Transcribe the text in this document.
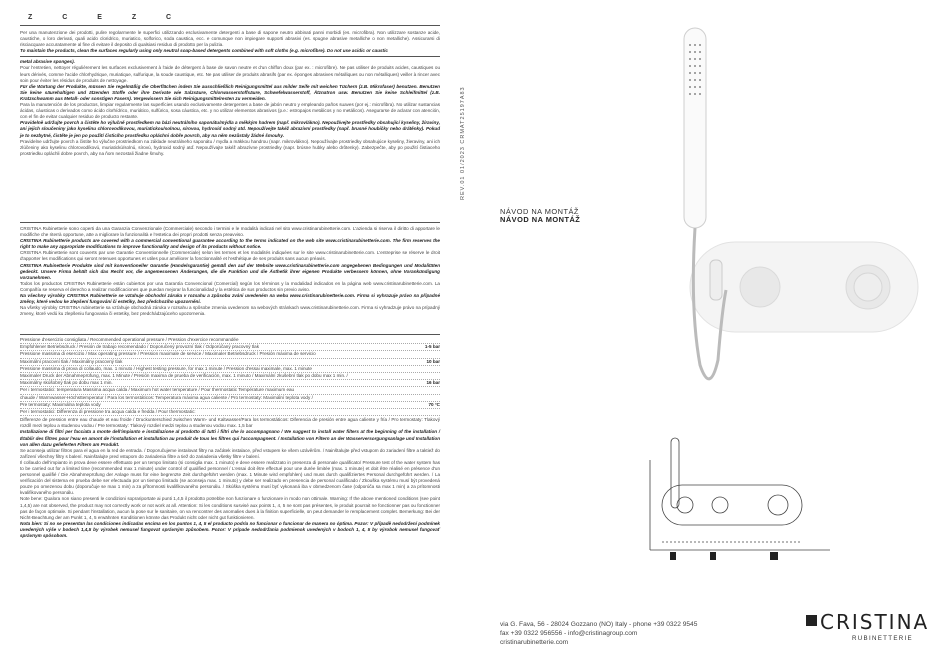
Z C E Z C

Per una manutenzione dei prodotti, pulire regolarmente le superfici utilizzando esclusivamente detergenti a base di sapone neutro abbinati panni morbidi (es. microfibra). Non utilizzare sostanze acide, caustiche, o loro derivati, quali acido cloridrico, muriatico, solforico, soda caustica, ecc. e comunque non impiegare supporti abrasivi (es. spugne abrasive metalliche o non metalliche). Assicurarsi di risciacquare accuratamente al fine di evitare il deposito di qualsiasi residuo di prodotto per la pulizia.

To maintain the products, clean the surfaces regularly using only neutral soap-based detergents combined with soft cloths (e.g. microfibre). Do not use acidic or caustic

metal abrasive sponges).

Pour l'entretien, nettoyer régulièrement les surfaces exclusivement à l'aide de détergent à base de savon neutre et d'un chiffon doux (par ex. : microfibre). Ne pas utiliser de produits acides, caustiques ou leurs dérivés, comme l'acide chlorhydrique, muriatique, sulfurique, la soude caustique, etc. Ne pas utiliser de produits abrasifs (par ex. éponges abrasives métalliques ou non métalliques) veiller à rincer avec soin pour éviter les résidus de produits de nettoyage.

Für die Wartung der Produkte, müssen Sie regelmäßig die Oberflächen indem Sie ausschließlich Reinigungsmittel aus milder Seife mit weichen Tüchern (z.B. Mikrofaser) benutzen. Benutzen Sie keine säurehaltigen und ätzenden Stoffe oder ihre Derivate wie Salzsäure, Chlorwasserstoffsäure, Schwefelwasserstoff, Ätznatron usw. Benutzen Sie keine Schleifmittel (z.B. Kratzschwamm aus Metall- oder sonstigen Fasern). Vergewissern Sie sich Reinigungsmittelresten zu vermeiden.

Para la manutención de los productos, limpiar regularmente las superficies usando exclusivamente detergentes a base de jabón neutro y empleando paños suaves (por ej.: microfibra). No utilizar sustancias ácidas, cáusticas o derivados como ácido clorhídrico, muriático, sulfúrico, sosa cáustica, etc. y no utilizar elementos abrasivos (p.e.: estropajos metálicos y no metálicos). Asegurarse de aclarar con atención, con el fin de evitar cualquier residuo de producto restante.

Pravidelně udržujte povrch a čistěte ho výlučně prostředkem na bázi neutrálního saponátu/mýdla a měkkým hadrem (např. mikrovlákno). Nepoužívejte prostředky obsahující kyseliny, žíraviny, ani jejich sloučeniny jako kyselinu chlorovodíkovou, muriatickou/solnou, sírovou, hydroxid sodný atd. Nepoužívejte takéž abrazivní prostředky (např. brusné houbičky nebo drátěnky). Pokud je to nezbytné, čistěte je jen po použití čisticího prostředku opláchni dobře povrch, aby na něm nezůstaly žádné šmouhy.

Pravidelne udržujte povrch a čistite ho výlučne prostriedkom na základe neutrálneho saponátu / mydla a mäkkou handrou (napr. mikrovlákno). Nepoužívajte prostriedky obsahujúce kyseliny, žieraviny, ani ich zlúčeniny ako kyselinu chlorovodíkovú, muriatickú/solnú, sírovú, hydroxid sodný atď. Nepoužívajte takéž abrazívne prostriedky (napr. brúsne hubky alebo drôtenky). Zabezpečte, aby po použití čistiaceho prostriedku opláchli dobre povrch, aby na ňom nezostali žiadne šmuhy.

CRISTINA Rubinetterie sono coperti da una Garanzia Convenzionale (Commerciale) secondo i termini e le modalità indicati nel sito www.cristinarubinetterie.com. L'azienda si riserva il diritto di apportare le modifiche che riterrà opportune, atte a migliorare la funzionalità e l'estetica dei propri prodotti senza preavviso.

CRISTINA Rubinetterie products are covered with a commercial conventional guarantee according to the terms indicated on the web site www.cristinarubinetterie.com. The firm reserves the right to make any appropriate modifications to improve functionality and design of its products without notice.

CRISTINA Rubinetterie sont couverts par une Garantie Conventionnelle (Commerciale) selon les termes et les modalités indiquées sur le site www.cristinarubinetterie.com. L'entreprise se réserve le droit d'apporter les modifications qui seront retenues opportunes et utiles pour améliorer la fonctionnalité et l'esthétique de ses produits sans aucun préavis.

CRISTINA Rubinetterie Produkte sind mit konventioneller Garantie (Handelsgarantie) gemäß den auf der Website www.cristinarubinetterie.com angegebenen Bedingungen und Modalitäten gedeckt. Unsere Firma behält sich das Recht vor, die angemessenen Änderungen, die die Funktion und die Ästhetik ihrer eigenen Produkte verbessern können, ohne Vorankündigung vorzunehmen.

Todos los productos CRISTINA Rubinetterie están cubiertos por una Garantía Convencional (Comercial) según los términos y la modalidad indicados en la página web www.cristinarubinetterie.com. La Compañía se reserva el derecho a realizar modificaciones que puedan mejorar la funcionalidad y la estética de sus productos sin previo aviso.

Na všechny výrobky CRISTINA Rubinetterie se vztahuje obchodní záruka v rozsahu a způsobu zváni uvedeném na webu www.cristinarubinetterie.com. Firma si vyhrazuje právo na případné změny, které vedou ke zlepšení fungování či estetiky, bez předchozího upozornění.

Na všetky výrobky CRISTINA rubinetterie sa vzťahuje obchodná záruka v rozsahu a spôsobe zmenia uvedenom na webových stránkach www.cristinarubinetterie.com. Firma si vyhradzuje právo na prípadný zmeny, ktoré vedú ku zlepšeniu fungovania či estetiky, bez predchádzajúceho upozornenia.

Pressione d'esercizio consigliata / Recommended operational pressure / Pression d'exercice recommandée
Empfohlener Betriebsdruck / Presión de trabajo recomendado / Doporučený provozní tlak / Odporúčaný pracovný tlak	1-5 bar
Pressione massima di esercizio / Max operating pressure / Pression maximale de service / Maximaler Betriebsdruck / Presión máxima de servicio
Maximální pracovní tlak / Maximálny pracovný tlak	10 bar
Pressione massima di prova di collaudo, max. 1 minuto / Highest testing pressure, for max 1 minute / Pression d'essai maximale, max. 1 minute
Maximaler Druck der Abnahmeprüfung, max. 1 Minute / Presión maxima de prueba de verificación, max. 1 minuto / Maximální zkušební tlak po dobu max 1 min. /
Maximálny skúšobný tlak po dobu max 1 min.	16 bar
Per i termostatici: temperatura Massima acqua calda / Maximum hot water temperature / Pour thermostatic Température maximum eau
chaude / Warmwasser-Höchsttemperatur / Para los termostáticos: Temperatura máxima agua caliente / Pro termostaty: Maximální teplota vody /
Pre termostaty: Maximálna teplota vody	70 °C
Per i termostatici: Differenza di pressione tra acqua calda e fredda / Pour thermostatic:

Differenze de pression entre eau chaude et eau froide / Druckunterschied zwischen Warm- und Kaltwasser/Para los termostáticos: Diferencia de presión entre agua caliente y fría / Pro termostaty: Tlakový rozdíl mezi teplou a studenou vodou / Pre termostaty: Tlakový rozdiel medzi teplou a studenou vodou max. 1,5 bar

Installazione di filtri per facciata a monte dell'impianto e installazione al prodotto di tutti i filtri che lo accompagnano / We suggest to install water filters at the beginning of the installation / Établir des filtres pour l'eau en amont de l'installation et installation au produit de tous les filtres qui l'accompagnent. / Installation von Filtern an der Wasserversorgungsanlage und Installation von allen dazu gelieferten Filtern am Produkt.

Se aconseja utilizar filtros para el agua en la red de entrada. / Doporučujeme instalovat filtry na začátek instalace, před vstupem ke všem uzávěrům. / Nainštalujte před vstupom do zariadení filtre a taktiež do zařízení všechny filtry s balení. Nainštalujte pred vstupom do zariadenia filtre a tiež do zariadenia všetky filtre v balení.

Il collaudo dell'impianto in prova deve essere effettuato per un tempo limitato (si consiglia max. 1 minuto) e deve essere realizzato in presenza di personale qualificato/ Pressure test of the water system has to be carried out for a limited time (recommended max 1 minute) under control of qualified personnel / L'essai doit être effectué pour une durée limitée (max. 1 minute) et doit être réalisé en présence d'un personnel qualifié / Die Abnahmeprüfung der Anlage muss für eine begrenzte Zeit durchgeführt werden (max. 1 Minute wird empfohlen) und muss durch qualifiziertes Personal durchgeführt werden. / La verificación del sistema en prueba debe ser efectuada por un tiempo limitado (se aconseja max. 1 minuto) y debe ser realizado en presencia de personal cualificado / Zkouška systému musí být provedená pouze po omezenou dobu (doporučuje se max 1 min) a za přítomnosti kvalifikovaného personálu. / Skúška systému musí byť vykonaná iba v obmedzenom čase (odporúča sa max 1 min) a za prítomnosti kvalifikovaného personálu.

Note bene: Qualora non siano presenti le condizioni soprariportate ai punti 1,4,5 il prodotto potrebbe non funzionare o funzionare in modo non ottimale. Warning: If the above mentioned conditions (see point 1,4,5) are not observed, the product may not correctly work or not work at all. Attention: Si les conditions susvisé aux points 1, 4, 5 ne sont pas présentes, le produit pourrait ne fonctionner pas ou fonctionner pas de façon optimale. Si pendant l'installation, aucun la pose sur le sanitaire, on va rencontrer des anomalies dues à la finition superficielle, on peut demander le remplacement complet. Bemerkung: Bei der Nicht-Beachtung der am Punkt 1, 4, 5 erwähnten Konditionen könnte das Produkt nicht oder nicht gut funktionieren.

Nota bien: Si no se presentan las condiciones indicadas encima en los puntos 1, 4, 5 el producto podría no funcionar o funcionar de manera no óptima. Pozor: V případě nedodržení podmínek uvedených výše v bodech 1,4,5 by výrobek nemusel fungovat správným způsobem. Pozor: V prípade nedodržania podmienok uvedených v bodoch 1, 4, 5 by výrobok nemusel fungovať správnym spôsobom.

REV.01 01/2023 CRMAT25197A83
NÁVOD NA MONTÁŽ
NÁVOD NA MONTÁŽ
via G. Fava, 56 - 28024 Gozzano (NO) Italy - phone +39 0322 9545
fax +39 0322 956556 - info@cristinagroup.com
cristinarubinetterie.com
CRISTINA
RUBINETTERIE
